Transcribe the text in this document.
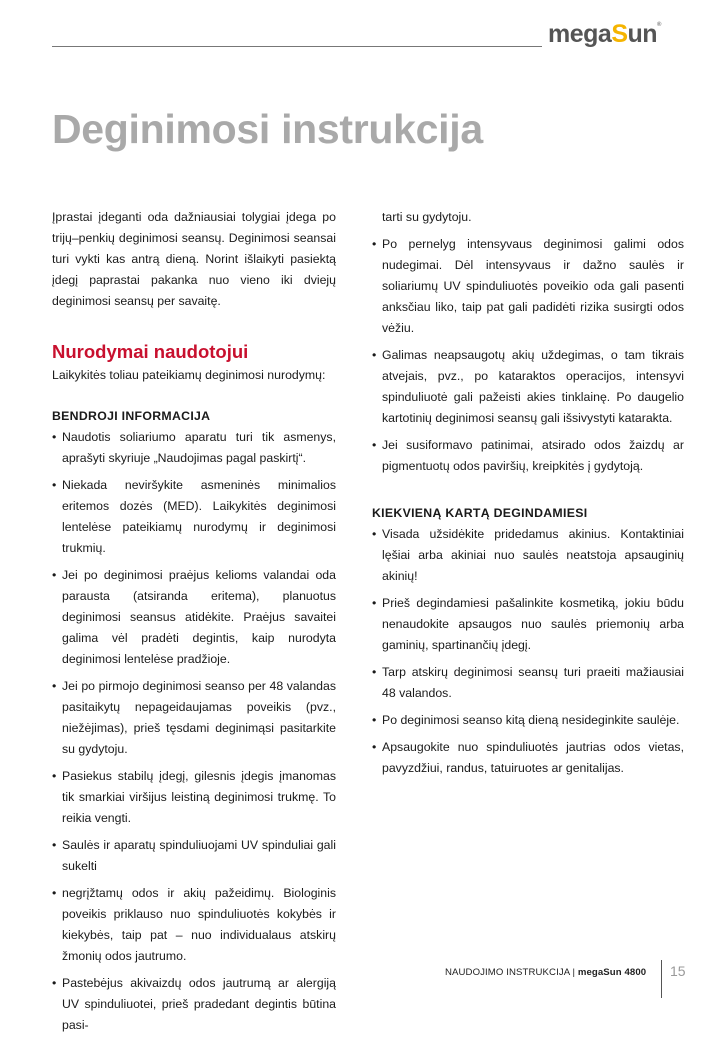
megaSun®
Deginimosi instrukcija

Įprastai įdeganti oda dažniausiai tolygiai įdega po trijų–penkių deginimosi seansų. Deginimosi seansai turi vykti kas antrą dieną. Norint išlaikyti pasiektą įdegį paprastai pakanka nuo vieno iki dviejų deginimosi seansų per savaitę.

Nurodymai naudotojui

Laikykitės toliau pateikiamų deginimosi nurodymų:

BENDROJI INFORMACIJA
• Naudotis soliariumo aparatu turi tik asmenys, aprašyti skyriuje „Naudojimas pagal paskirtį“.
• Niekada neviršykite asmeninės minimalios eritemos dozės (MED). Laikykitės deginimosi lentelėse pateikiamų nurodymų ir deginimosi trukmių.
• Jei po deginimosi praėjus kelioms valandai oda parausta (atsiranda eritema), planuotus deginimosi seansus atidėkite. Praėjus savaitei galima vėl pradėti degintis, kaip nurodyta deginimosi lentelėse pradžioje.
• Jei po pirmojo deginimosi seanso per 48 valandas pasitaikytų nepageidaujamas poveikis (pvz., niežėjimas), prieš tęsdami deginimąsi pasitarkite su gydytoju.
• Pasiekus stabilų įdegį, gilesnis įdegis įmanomas tik smarkiai viršijus leistiną deginimosi trukmę. To reikia vengti.
• Saulės ir aparatų spinduliuojami UV spinduliai gali sukelti
• negrįžtamų odos ir akių pažeidimų. Biologinis poveikis priklauso nuo spinduliuotės kokybės ir kiekybės, taip pat – nuo individualaus atskirų žmonių odos jautrumo.
• Pastebėjus akivaizdų odos jautrumą ar alergiją UV spinduliuotei, prieš pradedant degintis būtina pasi-

tarti su gydytoju.

• Po pernelyg intensyvaus deginimosi galimi odos nudegimai. Dėl intensyvaus ir dažno saulės ir soliariumų UV spinduliuotės poveikio oda gali pasenti anksčiau liko, taip pat gali padidėti rizika susirgti odos vėžiu.
• Galimas neapsaugotų akių uždegimas, o tam tikrais atvejais, pvz., po kataraktos operacijos, intensyvi spinduliuotė gali pažeisti akies tinklainę. Po daugelio kartotinių deginimosi seansų gali išsivystyti katarakta.
• Jei susiformavo patinimai, atsirado odos žaizdų ar pigmentuotų odos paviršių, kreipkitės į gydytoją.
KIEKVIENĄ KARTĄ DEGINDAMIESI
• Visada užsidėkite pridedamus akinius. Kontaktiniai lęšiai arba akiniai nuo saulės neatstoja apsauginių akinių!
• Prieš degindamiesi pašalinkite kosmetiką, jokiu būdu nenaudokite apsaugos nuo saulės priemonių arba gaminių, spartinančių įdegį.
• Tarp atskirų deginimosi seansų turi praeiti mažiausiai 48 valandos.
• Po deginimosi seanso kitą dieną nesideginkite saulėje.
• Apsaugokite nuo spinduliuotės jautrias odos vietas, pavyzdžiui, randus, tatuiruotes ar genitalijas.
NAUDOJIMO INSTRUKCIJA | megaSun 4800 15
